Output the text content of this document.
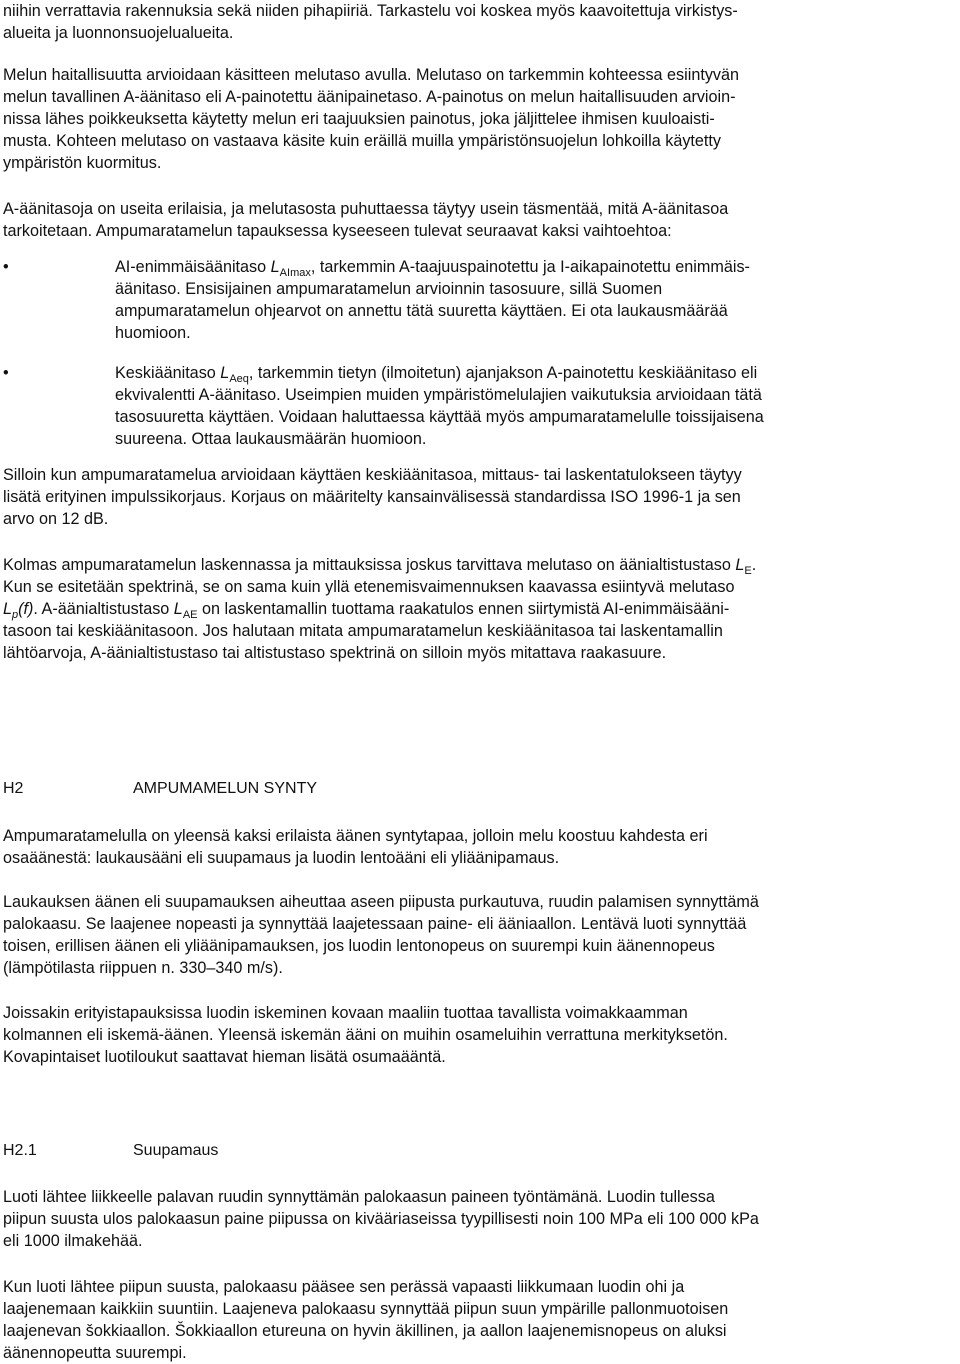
niihin verrattavia rakennuksia sekä niiden pihapiiriä. Tarkastelu voi koskea myös kaavoitettuja virkistys-

alueita ja luonnonsuojelualueita.

Melun haitallisuutta arvioidaan käsitteen melutaso avulla. Melutaso on tarkemmin kohteessa esiintyvän

melun tavallinen A-äänitaso eli A-painotettu äänipainetaso. A-painotus on melun haitallisuuden arvioin-

nissa lähes poikkeuksetta käytetty melun eri taajuuksien painotus, joka jäljittelee ihmisen kuuloaisti-

musta. Kohteen melutaso on vastaava käsite kuin eräillä muilla ympäristönsuojelun lohkoilla käytetty

ympäristön kuormitus.

A-äänitasoja on useita erilaisia, ja melutasosta puhuttaessa täytyy usein täsmentää, mitä A-äänitasoa

tarkoitetaan. Ampumaratamelun tapauksessa kyseeseen tulevat seuraavat kaksi vaihtoehtoa:

•	AI-enimmäisäänitaso $L_{AImax}$, tarkemmin A-taajuuspainotettu ja I-aikapainotettu enimmäis-
äänitaso. Ensisijainen ampumaratamelun arvioinnin tasosuure, sillä Suomen
ampumaratamelun ohjearvot on annettu tätä suuretta käyttäen. Ei ota laukausmäärää
huomioon.
•	Keskiäänitaso $L_{Aeq}$, tarkemmin tietyn (ilmoitetun) ajanjakson A-painotettu keskiäänitaso eli
ekvivalentti A-äänitaso. Useimpien muiden ympäristömelulajien vaikutuksia arvioidaan tätä
tasosuuretta käyttäen. Voidaan haluttaessa käyttää myös ampumaratamelulle toissijaisena
suureena. Ottaa laukausmäärän huomioon.

Silloin kun ampumaratamelua arvioidaan käyttäen keskiäänitasoa, mittaus- tai laskentatulokseen täytyy

lisätä erityinen impulssikorjaus. Korjaus on määritelty kansainvälisessä standardissa ISO 1996-1 ja sen

arvo on 12 dB.

Kolmas ampumaratamelun laskennassa ja mittauksissa joskus tarvittava melutaso on äänialtistustaso $L_E$.

Kun se esitetään spektrinä, se on sama kuin yllä etenemisvaimennuksen kaavassa esiintyvä melutaso

$L_p(f)$. A-äänialtistustaso $L_{AE}$ on laskentamallin tuottama raakatulos ennen siirtymistä AI-enimmäisääni-

tasoon tai keskiäänitasoon. Jos halutaan mitata ampumaratamelun keskiäänitasoa tai laskentamallin

lähtöarvoja, A-äänialtistustaso tai altistustaso spektrinä on silloin myös mitattava raakasuure.

H2	AMPUMAMELUN SYNTY

Ampumaratamelulla on yleensä kaksi erilaista äänen syntytapaa, jolloin melu koostuu kahdesta eri

osaäänestä: laukausääni eli suupamaus ja luodin lentoääni eli yliäänipamaus.

Laukauksen äänen eli suupamauksen aiheuttaa aseen piipusta purkautuva, ruudin palamisen synnyttämä

palokaasu. Se laajenee nopeasti ja synnyttää laajetessaan paine- eli ääniaallon. Lentävä luoti synnyttää

toisen, erillisen äänen eli yliäänipamauksen, jos luodin lentonopeus on suurempi kuin äänennopeus

(lämpötilasta riippuen n. 330–340 m/s).

Joissakin erityistapauksissa luodin iskeminen kovaan maaliin tuottaa tavallista voimakkaamman

kolmannen eli iskemä-äänen. Yleensä iskemän ääni on muihin osameluihin verrattuna merkityksetön.

Kovapintaiset luotiloukut saattavat hieman lisätä osumaääntä.

H2.1	Suupamaus

Luoti lähtee liikkeelle palavan ruudin synnyttämän palokaasun paineen työntämänä. Luodin tullessa

piipun suusta ulos palokaasun paine piipussa on kivääriaseissa tyypillisesti noin 100 MPa eli 100 000 kPa

eli 1000 ilmakehää.

Kun luoti lähtee piipun suusta, palokaasu pääsee sen perässä vapaasti liikkumaan luodin ohi ja

laajenemaan kaikkiin suuntiin. Laajeneva palokaasu synnyttää piipun suun ympärille pallonmuotoisen

laajenevan šokkiaallon. Šokkiaallon etureuna on hyvin äkillinen, ja aallon laajenemisnopeus on aluksi

äänennopeutta suurempi.
